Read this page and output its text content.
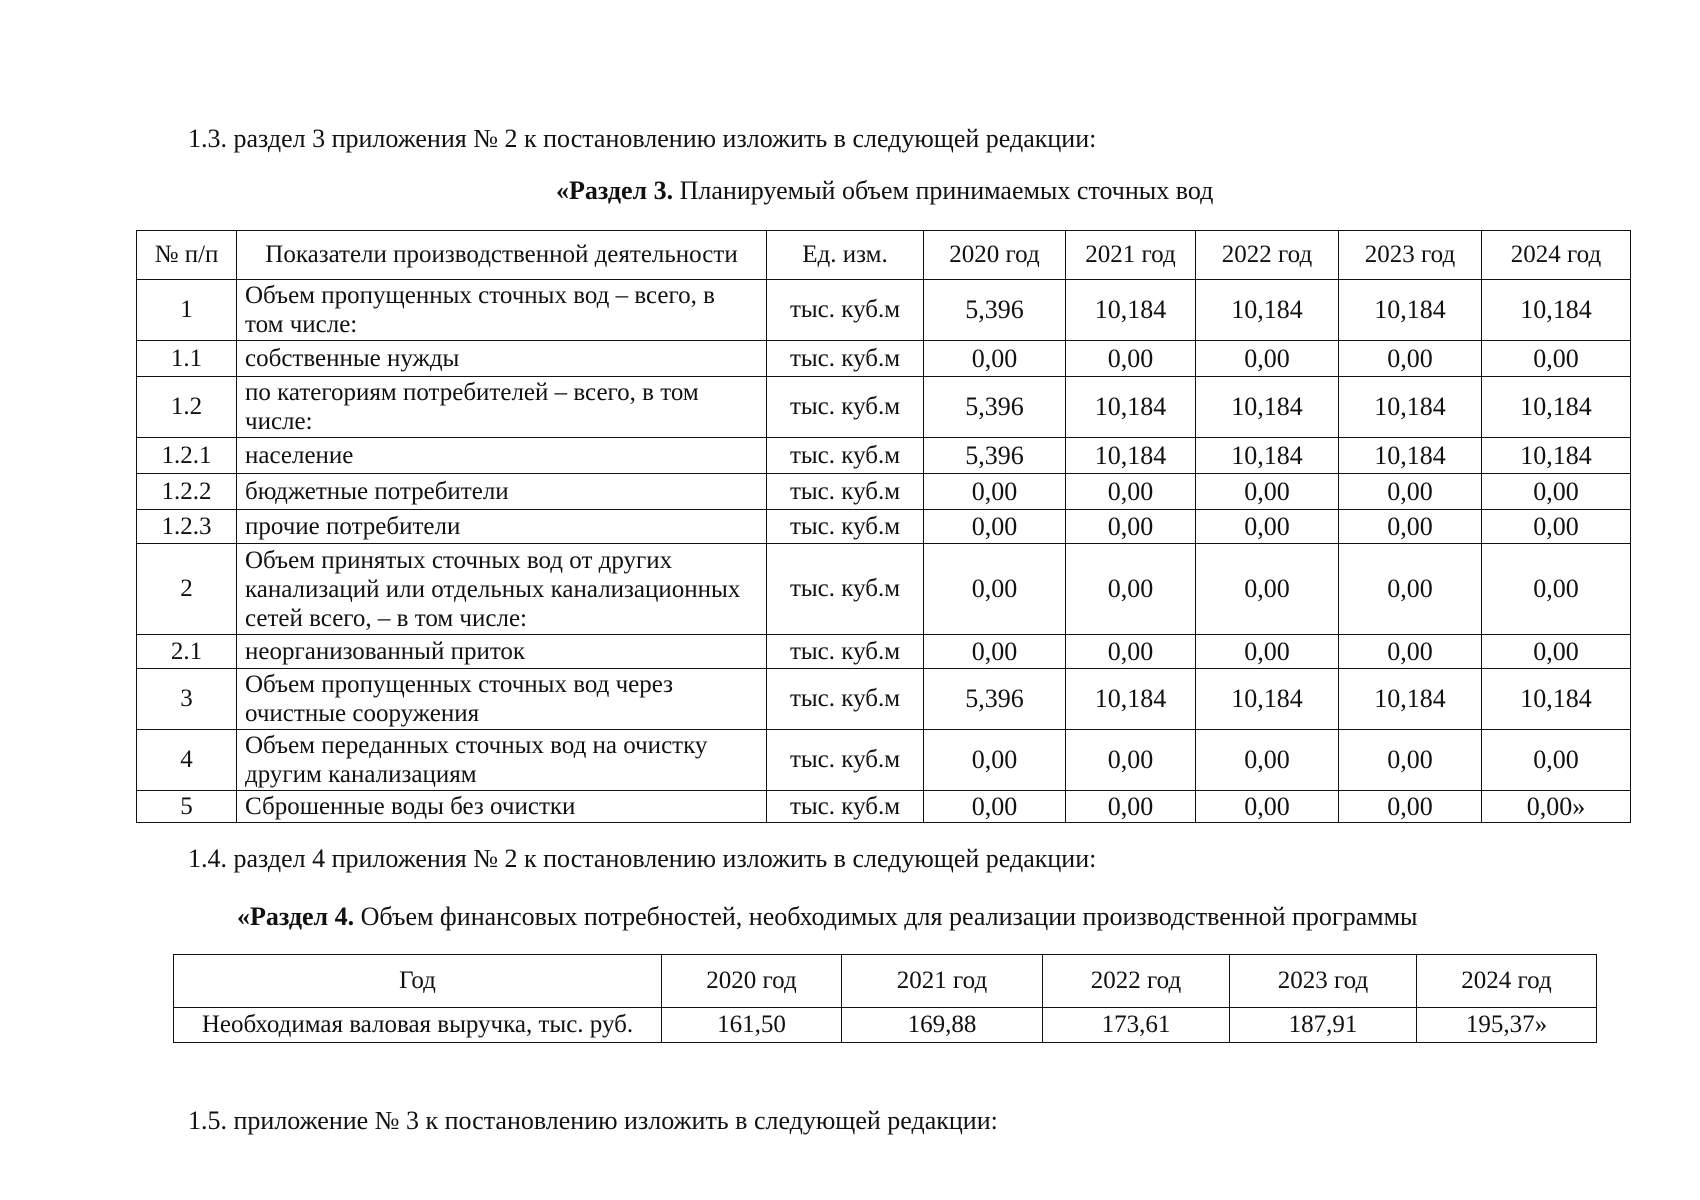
1.3. раздел 3 приложения № 2 к постановлению изложить в следующей редакции:
«Раздел 3. Планируемый объем принимаемых сточных вод
№ п/п	Показатели производственной деятельности	Ед. изм.	2020 год	2021 год	2022 год	2023 год	2024 год
1	Объем пропущенных сточных вод – всего, в том числе:	тыс. куб.м	5,396	10,184	10,184	10,184	10,184
1.1	собственные нужды	тыс. куб.м	0,00	0,00	0,00	0,00	0,00
1.2	по категориям потребителей – всего, в том числе:	тыс. куб.м	5,396	10,184	10,184	10,184	10,184
1.2.1	население	тыс. куб.м	5,396	10,184	10,184	10,184	10,184
1.2.2	бюджетные потребители	тыс. куб.м	0,00	0,00	0,00	0,00	0,00
1.2.3	прочие потребители	тыс. куб.м	0,00	0,00	0,00	0,00	0,00
2	Объем принятых сточных вод от других канализаций или отдельных канализационных сетей всего, – в том числе:	тыс. куб.м	0,00	0,00	0,00	0,00	0,00
2.1	неорганизованный приток	тыс. куб.м	0,00	0,00	0,00	0,00	0,00
3	Объем пропущенных сточных вод через очистные сооружения	тыс. куб.м	5,396	10,184	10,184	10,184	10,184
4	Объем переданных сточных вод на очистку другим канализациям	тыс. куб.м	0,00	0,00	0,00	0,00	0,00
5	Сброшенные воды без очистки	тыс. куб.м	0,00	0,00	0,00	0,00	0,00»
1.4. раздел 4 приложения № 2 к постановлению изложить в следующей редакции:
«Раздел 4. Объем финансовых потребностей, необходимых для реализации производственной программы
Год	2020 год	2021 год	2022 год	2023 год	2024 год
Необходимая валовая выручка, тыс. руб.	161,50	169,88	173,61	187,91	195,37»
1.5. приложение № 3 к постановлению изложить в следующей редакции:
